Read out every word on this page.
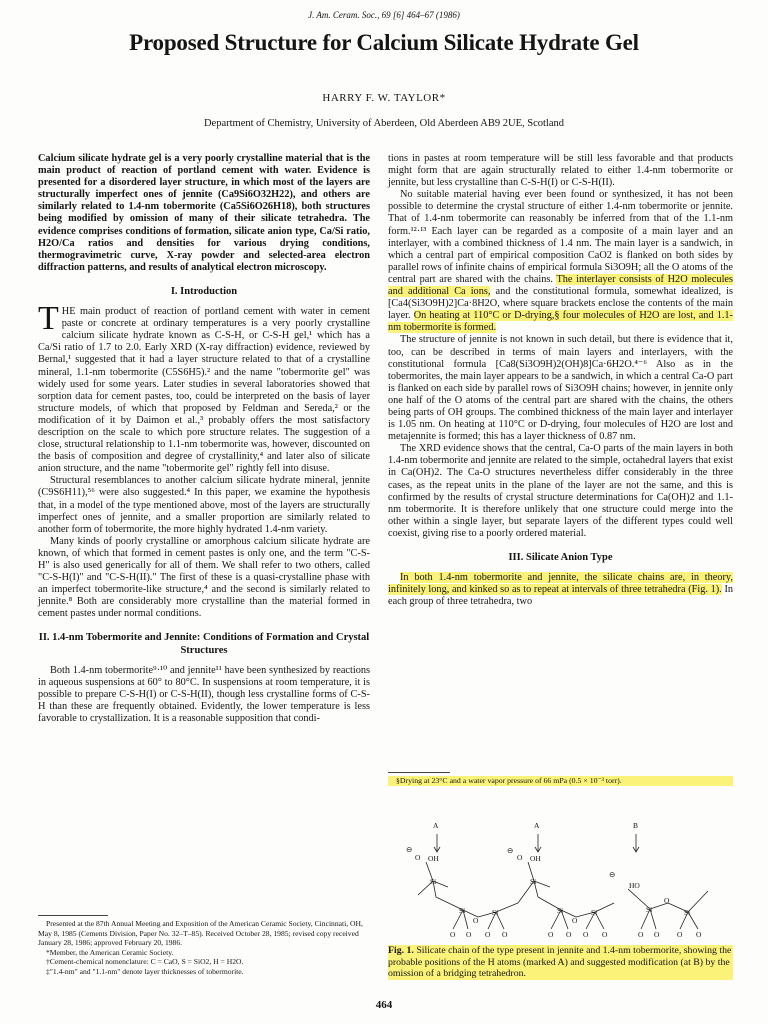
J. Am. Ceram. Soc., 69 [6] 464–67 (1986)
Proposed Structure for Calcium Silicate Hydrate Gel
HARRY F. W. TAYLOR*
Department of Chemistry, University of Aberdeen, Old Aberdeen AB9 2UE, Scotland

Calcium silicate hydrate gel is a very poorly crystalline material that is the main product of reaction of portland cement with water. Evidence is presented for a disordered layer structure, in which most of the layers are structurally imperfect ones of jennite (Ca9Si6O32H22), and others are similarly related to 1.4-nm tobermorite (Ca5Si6O26H18), both structures being modified by omission of many of their silicate tetrahedra. The evidence comprises conditions of formation, silicate anion type, Ca/Si ratio, H2O/Ca ratios and densities for various drying conditions, thermogravimetric curve, X-ray powder and selected-area electron diffraction patterns, and results of analytical electron microscopy.

I. Introduction

THE main product of reaction of portland cement with water in cement paste or concrete at ordinary temperatures is a very poorly crystalline calcium silicate hydrate known as C-S-H, or C-S-H gel,¹ which has a Ca/Si ratio of 1.7 to 2.0. Early XRD (X-ray diffraction) evidence, reviewed by Bernal,¹ suggested that it had a layer structure related to that of a crystalline mineral, 1.1-nm tobermorite (C5S6H5).² and the name "tobermorite gel" was widely used for some years. Later studies in several laboratories showed that sorption data for cement pastes, too, could be interpreted on the basis of layer structure models, of which that proposed by Feldman and Sereda,² or the modification of it by Daimon et al.,³ probably offers the most satisfactory description on the scale to which pore structure relates. The suggestion of a close, structural relationship to 1.1-nm tobermorite was, however, discounted on the basis of composition and degree of crystallinity,⁴ and later also of silicate anion structure, and the name "tobermorite gel" rightly fell into disuse.

Structural resemblances to another calcium silicate hydrate mineral, jennite (C9S6H11),⁵⁶ were also suggested.⁴ In this paper, we examine the hypothesis that, in a model of the type mentioned above, most of the layers are structurally imperfect ones of jennite, and a smaller proportion are similarly related to another form of tobermorite, the more highly hydrated 1.4-nm variety.

Many kinds of poorly crystalline or amorphous calcium silicate hydrate are known, of which that formed in cement pastes is only one, and the term "C-S-H" is also used generically for all of them. We shall refer to two others, called "C-S-H(I)" and "C-S-H(II)." The first of these is a quasi-crystalline phase with an imperfect tobermorite-like structure,⁴ and the second is similarly related to jennite.⁸ Both are considerably more crystalline than the material formed in cement pastes under normal conditions.

II. 1.4-nm Tobermorite and Jennite: Conditions of Formation and Crystal Structures

Both 1.4-nm tobermorite⁹·¹⁰ and jennite¹¹ have been synthesized by reactions in aqueous suspensions at 60° to 80°C. In suspensions at room temperature, it is possible to prepare C-S-H(I) or C-S-H(II), though less crystalline forms of C-S-H than these are frequently obtained. Evidently, the lower temperature is less favorable to crystallization. It is a reasonable supposition that condi-

Presented at the 87th Annual Meeting and Exposition of the American Ceramic Society, Cincinnati, OH, May 8, 1985 (Cements Division, Paper No. 32–T–85). Received October 28, 1985; revised copy received January 28, 1986; approved February 20, 1986.

*Member, the American Ceramic Society.

†Cement-chemical nomenclature: C = CaO, S = SiO2, H = H2O.

‡"1.4-nm" and "1.1-nm" denote layer thicknesses of tobermorite.

tions in pastes at room temperature will be still less favorable and that products might form that are again structurally related to either 1.4-nm tobermorite or jennite, but less crystalline than C-S-H(I) or C-S-H(II).

No suitable material having ever been found or synthesized, it has not been possible to determine the crystal structure of either 1.4-nm tobermorite or jennite. That of 1.4-nm tobermorite can reasonably be inferred from that of the 1.1-nm form.¹²·¹³ Each layer can be regarded as a composite of a main layer and an interlayer, with a combined thickness of 1.4 nm. The main layer is a sandwich, in which a central part of empirical composition CaO2 is flanked on both sides by parallel rows of infinite chains of empirical formula Si3O9H; all the O atoms of the central part are shared with the chains. The interlayer consists of H2O molecules and additional Ca ions, and the constitutional formula, somewhat idealized, is [Ca4(Si3O9H)2]Ca·8H2O, where square brackets enclose the contents of the main layer. On heating at 110°C or D-drying,§ four molecules of H2O are lost, and 1.1-nm tobermorite is formed.

The structure of jennite is not known in such detail, but there is evidence that it, too, can be described in terms of main layers and interlayers, with the constitutional formula [Ca8(Si3O9H)2(OH)8]Ca·6H2O.⁴⁻⁶ Also as in the tobermorites, the main layer appears to be a sandwich, in which a central Ca-O part is flanked on each side by parallel rows of Si3O9H chains; however, in jennite only one half of the O atoms of the central part are shared with the chains, the others being parts of OH groups. The combined thickness of the main layer and interlayer is 1.05 nm. On heating at 110°C or D-drying, four molecules of H2O are lost and metajennite is formed; this has a layer thickness of 0.87 nm.

The XRD evidence shows that the central, Ca-O parts of the main layers in both 1.4-nm tobermorite and jennite are related to the simple, octahedral layers that exist in Ca(OH)2. The Ca-O structures nevertheless differ considerably in the three cases, as the repeat units in the plane of the layer are not the same, and this is confirmed by the results of crystal structure determinations for Ca(OH)2 and 1.1-nm tobermorite. It is therefore unlikely that one structure could merge into the other within a single layer, but separate layers of the different types could well coexist, giving rise to a poorly ordered material.

III. Silicate Anion Type

In both 1.4-nm tobermorite and jennite, the silicate chains are, in theory, infinitely long, and kinked so as to repeat at intervals of three tetrahedra (Fig. 1). In each group of three tetrahedra, two

§Drying at 23°C and a water vapor pressure of 66 mPa (0.5 × 10⁻³ torr).

A	A	B
⊖
O OH
Si
⊖
O OH
Si
Si	Si	Si	Si	Si	Si
⊖
HO
O	O
O
O O O O	O O O O	O O O O
Fig. 1. Silicate chain of the type present in jennite and 1.4-nm tobermorite, showing the probable positions of the H atoms (marked A) and suggested modification (at B) by the omission of a bridging tetrahedron.
464
